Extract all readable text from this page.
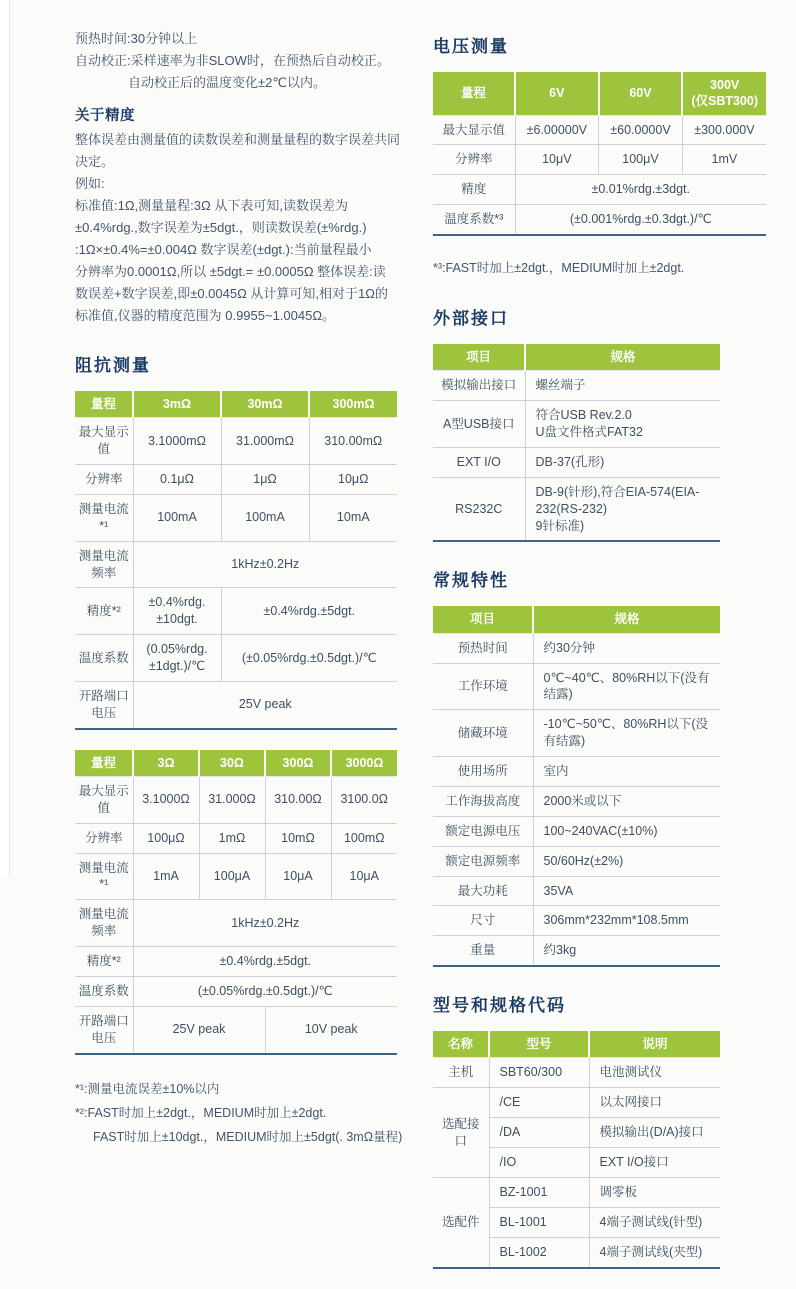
预热时间:30分钟以上
自动校正:采样速率为非SLOW时，在预热后自动校正。
自动校正后的温度变化±2℃以内。
关于精度
整体误差由测量值的读数误差和测量量程的数字误差共同
决定。
例如:
标准值:1Ω,测量量程:3Ω 从下表可知,读数误差为
±0.4%rdg.,数字误差为±5dgt.，则读数误差(±%rdg.)
:1Ω×±0.4%=±0.004Ω 数字误差(±dgt.):当前量程最小
分辨率为0.0001Ω,所以 ±5dgt.= ±0.0005Ω 整体误差:读
数误差+数字误差,即±0.0045Ω 从计算可知,相对于1Ω的
标准值,仪器的精度范围为 0.9955~1.0045Ω。
阻抗测量
量程	3mΩ	30mΩ	300mΩ
最大显示值	3.1000mΩ	31.000mΩ	310.00mΩ
分辨率	0.1μΩ	1μΩ	10μΩ
测量电流*¹	100mA	100mA	10mA
测量电流频率	1kHz±0.2Hz		
精度*²	±0.4%rdg.±10dgt.	±0.4%rdg.±5dgt.	
温度系数	(0.05%rdg.±1dgt.)/℃	(±0.05%rdg.±0.5dgt.)/℃	
开路端口电压	25V peak		
量程	3Ω	30Ω	300Ω	3000Ω
最大显示值	3.1000Ω	31.000Ω	310.00Ω	3100.0Ω
分辨率	100μΩ	1mΩ	10mΩ	100mΩ
测量电流*¹	1mA	100μA	10μA	10μA
测量电流频率	1kHz±0.2Hz			
精度*²	±0.4%rdg.±5dgt.			
温度系数	(±0.05%rdg.±0.5dgt.)/℃			
开路端口电压	25V peak		10V peak	
*¹:测量电流误差±10%以内
*²:FAST时加上±2dgt.，MEDIUM时加上±2dgt.
FAST时加上±10dgt.，MEDIUM时加上±5dgt(. 3mΩ量程)
电压测量
量程	6V	60V	300V
(仅SBT300)
最大显示值	±6.00000V	±60.0000V	±300.000V
分辨率	10μV	100μV	1mV
精度	±0.01%rdg.±3dgt.		
温度系数*³	(±0.001%rdg.±0.3dgt.)/℃		
*³:FAST时加上±2dgt.，MEDIUM时加上±2dgt.
外部接口
项目	规格
模拟输出接口	螺丝端子
A型USB接口	符合USB Rev.2.0
U盘文件格式FAT32
EXT I/O	DB-37(孔形)
RS232C	DB-9(针形),符合EIA-574(EIA-232(RS-232)
9针标准)
常规特性
项目	规格
预热时间	约30分钟
工作环境	0℃~40℃、80%RH以下(没有结露)
储藏环境	-10℃~50℃、80%RH以下(没有结露)
使用场所	室内
工作海拔高度	2000米或以下
额定电源电压	100~240VAC(±10%)
额定电源频率	50/60Hz(±2%)
最大功耗	35VA
尺寸	306mm*232mm*108.5mm
重量	约3kg
型号和规格代码
名称	型号	说明
主机	SBT60/300	电池测试仪
选配接口	/CE	以太网接口
	/DA	模拟输出(D/A)接口
	/IO	EXT I/O接口
选配件	BZ-1001	调零板
	BL-1001	4端子测试线(针型)
	BL-1002	4端子测试线(夹型)
